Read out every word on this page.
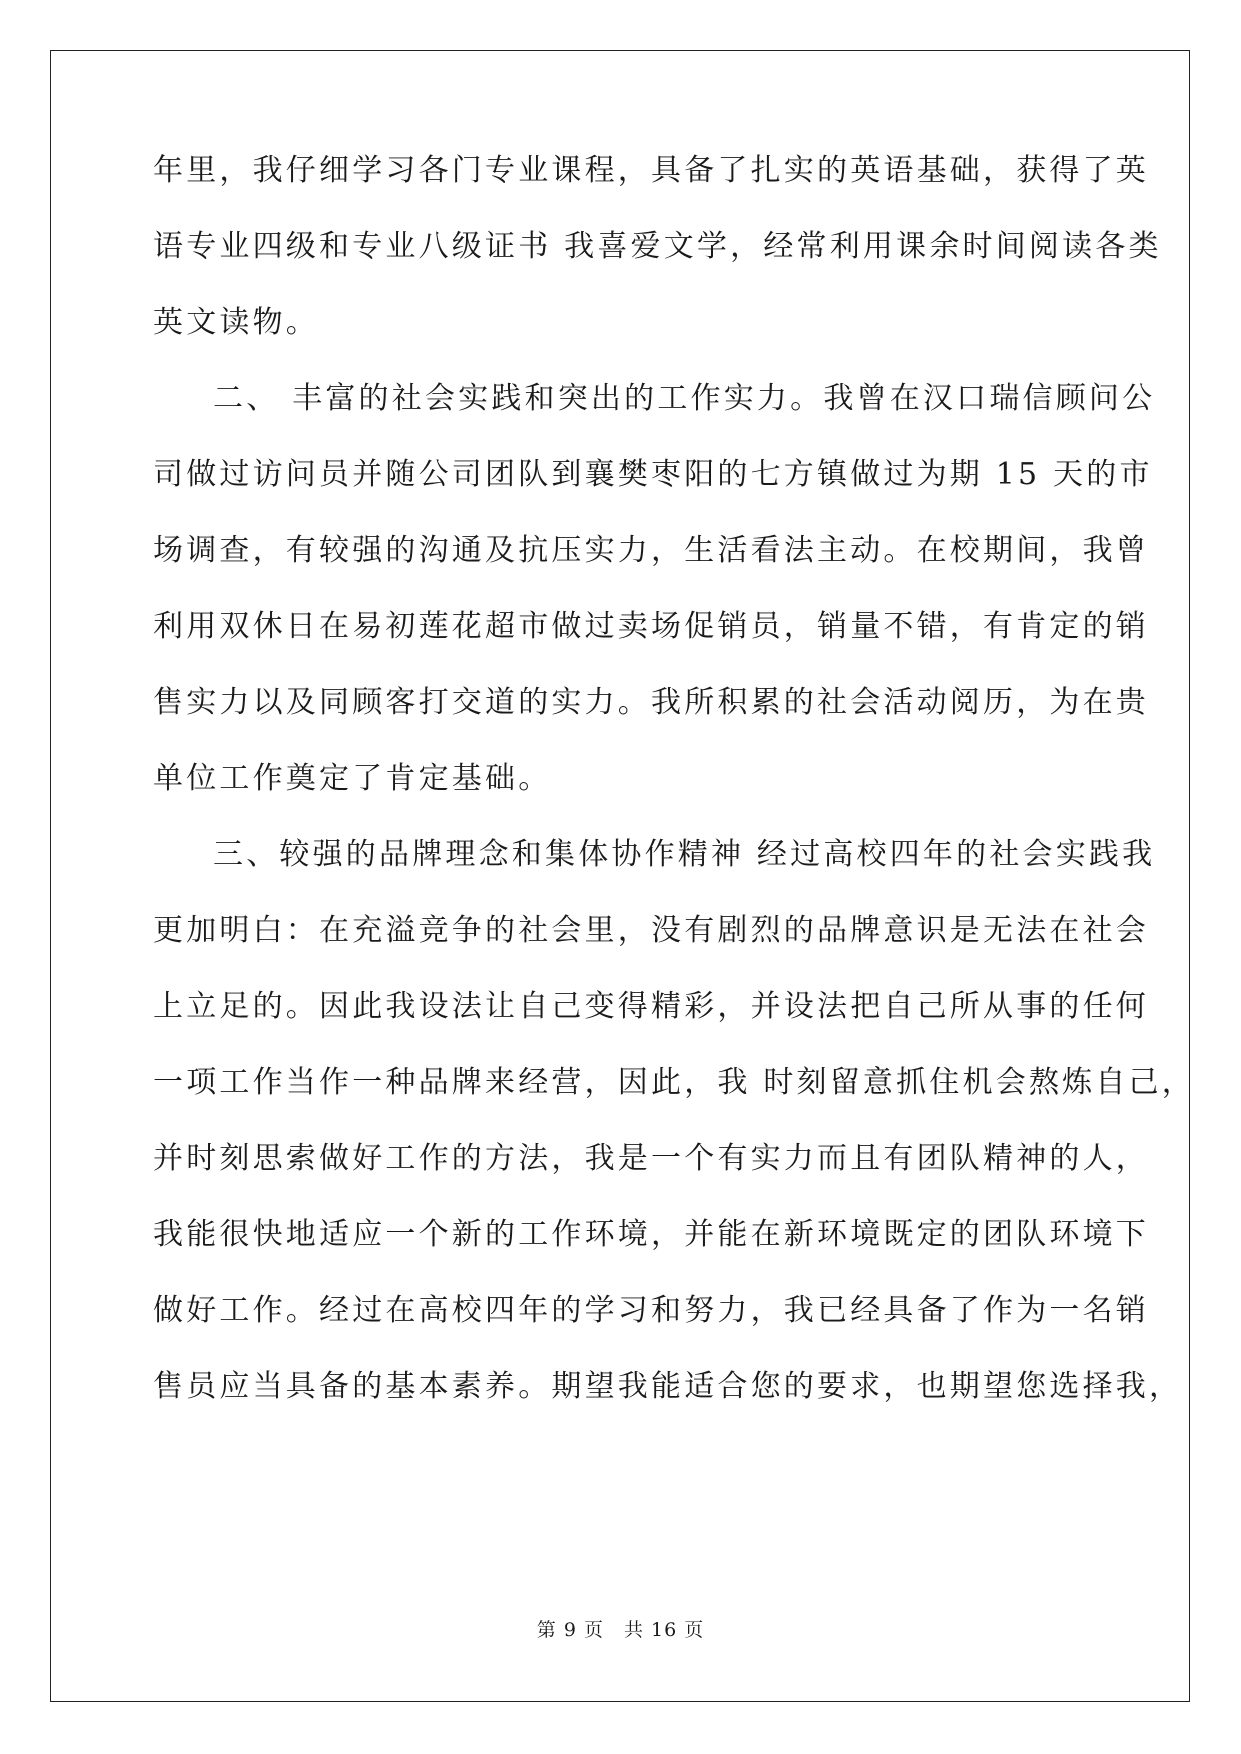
年里，我仔细学习各门专业课程，具备了扎实的英语基础，获得了英
语专业四级和专业八级证书 我喜爱文学，经常利用课余时间阅读各类
英文读物。
二、 丰富的社会实践和突出的工作实力。我曾在汉口瑞信顾问公
司做过访问员并随公司团队到襄樊枣阳的七方镇做过为期 15 天的市
场调查，有较强的沟通及抗压实力，生活看法主动。在校期间，我曾
利用双休日在易初莲花超市做过卖场促销员，销量不错，有肯定的销
售实力以及同顾客打交道的实力。我所积累的社会活动阅历，为在贵
单位工作奠定了肯定基础。
三、较强的品牌理念和集体协作精神 经过高校四年的社会实践我
更加明白：在充溢竞争的社会里，没有剧烈的品牌意识是无法在社会
上立足的。因此我设法让自己变得精彩，并设法把自己所从事的任何
一项工作当作一种品牌来经营，因此，我 时刻留意抓住机会熬炼自己，
并时刻思索做好工作的方法，我是一个有实力而且有团队精神的人，
我能很快地适应一个新的工作环境，并能在新环境既定的团队环境下
做好工作。经过在高校四年的学习和努力，我已经具备了作为一名销
售员应当具备的基本素养。期望我能适合您的要求，也期望您选择我，
第 9 页　共 16 页
